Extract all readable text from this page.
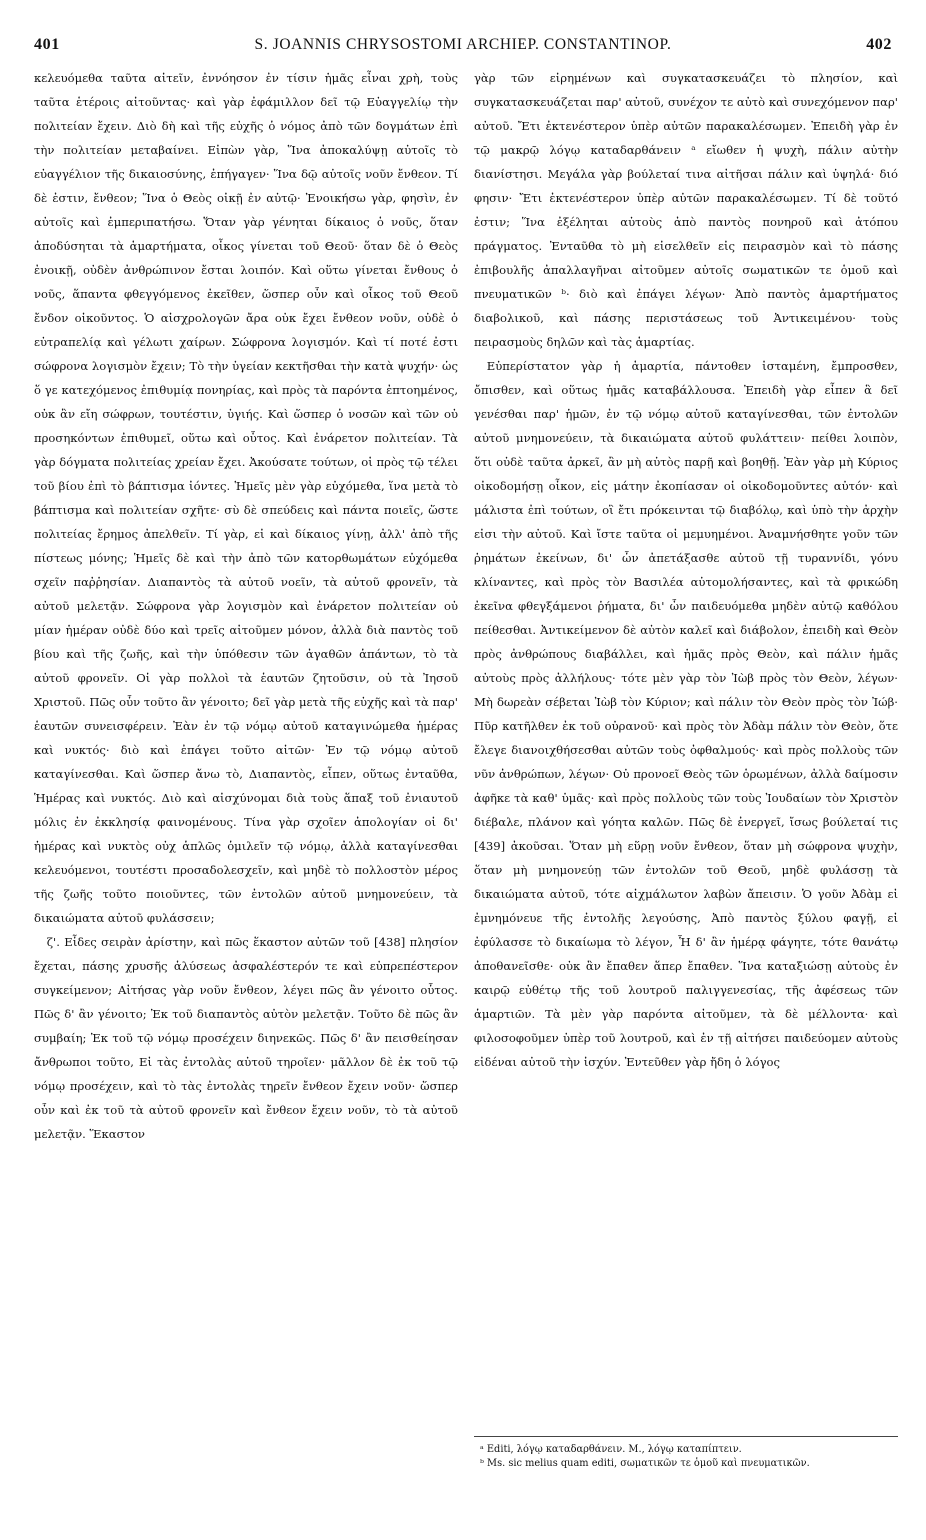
401	S. JOANNIS CHRYSOSTOMI ARCHIEP. CONSTANTINOP.	402

κελευόμεθα ταῦτα αἰτεῖν, ἐννόησον ἐν τίσιν ἡμᾶς εἶναι χρὴ, τοὺς ταῦτα ἑτέροις αἰτοῦντας· καὶ γὰρ ἐφάμιλλον δεῖ τῷ Εὐαγγελίῳ τὴν πολιτείαν ἔχειν. Διὸ δὴ καὶ τῆς εὐχῆς ὁ νόμος ἀπὸ τῶν δογμάτων ἐπὶ τὴν πολιτείαν μεταβαίνει. Εἰπὼν γὰρ, Ἵνα ἀποκαλύψῃ αὐτοῖς τὸ εὐαγγέλιον τῆς δικαιοσύνης, ἐπήγαγεν· Ἵνα δῷ αὐτοῖς νοῦν ἔνθεον. Τί δὲ ἐστιν, ἔνθεον; Ἵνα ὁ Θεὸς οἰκῇ ἐν αὐτῷ· Ἐνοικήσω γὰρ, φησὶν, ἐν αὐτοῖς καὶ ἐμπεριπατήσω. Ὅταν γὰρ γένηται δίκαιος ὁ νοῦς, ὅταν ἀποδύσηται τὰ ἁμαρτήματα, οἶκος γίνεται τοῦ Θεοῦ· ὅταν δὲ ὁ Θεὸς ἐνοικῇ, οὐδὲν ἀνθρώπινον ἔσται λοιπόν. Καὶ οὕτω γίνεται ἔνθους ὁ νοῦς, ἅπαντα φθεγγόμενος ἐκεῖθεν, ὥσπερ οὖν καὶ οἶκος τοῦ Θεοῦ ἔνδον οἰκοῦντος. Ὁ αἰσχρολογῶν ἄρα οὐκ ἔχει ἔνθεον νοῦν, οὐδὲ ὁ εὐτραπελίᾳ καὶ γέλωτι χαίρων. Σώφρονα λογισμόν. Καὶ τί ποτέ ἐστι σώφρονα λογισμὸν ἔχειν; Τὸ τὴν ὑγείαν κεκτῆσθαι τὴν κατὰ ψυχήν· ὡς ὅ γε κατεχόμενος ἐπιθυμίᾳ πονηρίας, καὶ πρὸς τὰ παρόντα ἐπτοημένος, οὐκ ἂν εἴη σώφρων, τουτέστιν, ὑγιής. Καὶ ὥσπερ ὁ νοσῶν καὶ τῶν οὐ προσηκόντων ἐπιθυμεῖ, οὕτω καὶ οὗτος. Καὶ ἐνάρετον πολιτείαν. Τὰ γὰρ δόγματα πολιτείας χρείαν ἔχει. Ἀκούσατε τούτων, οἱ πρὸς τῷ τέλει τοῦ βίου ἐπὶ τὸ βάπτισμα ἰόντες. Ἡμεῖς μὲν γὰρ εὐχόμεθα, ἵνα μετὰ τὸ βάπτισμα καὶ πολιτείαν σχῆτε· σὺ δὲ σπεύδεις καὶ πάντα ποιεῖς, ὥστε πολιτείας ἔρημος ἀπελθεῖν. Τί γὰρ, εἰ καὶ δίκαιος γίνῃ, ἀλλ' ἀπὸ τῆς πίστεως μόνης; Ἡμεῖς δὲ καὶ τὴν ἀπὸ τῶν κατορθωμάτων εὐχόμεθα σχεῖν παῤῥησίαν. Διαπαντὸς τὰ αὐτοῦ νοεῖν, τὰ αὐτοῦ φρονεῖν, τὰ αὐτοῦ μελετᾷν. Σώφρονα γὰρ λογισμὸν καὶ ἐνάρετον πολιτείαν οὐ μίαν ἡμέραν οὐδὲ δύο καὶ τρεῖς αἰτοῦμεν μόνον, ἀλλὰ διὰ παντὸς τοῦ βίου καὶ τῆς ζωῆς, καὶ τὴν ὑπόθεσιν τῶν ἀγαθῶν ἁπάντων, τὸ τὰ αὐτοῦ φρονεῖν. Οἱ γὰρ πολλοὶ τὰ ἑαυτῶν ζητοῦσιν, οὐ τὰ Ἰησοῦ Χριστοῦ. Πῶς οὖν τοῦτο ἂν γένοιτο; δεῖ γὰρ μετὰ τῆς εὐχῆς καὶ τὰ παρ' ἑαυτῶν συνεισφέρειν. Ἐὰν ἐν τῷ νόμῳ αὐτοῦ καταγινώμεθα ἡμέρας καὶ νυκτός· διὸ καὶ ἐπάγει τοῦτο αἰτῶν· Ἐν τῷ νόμῳ αὐτοῦ καταγίνεσθαι. Καὶ ὥσπερ ἄνω τὸ, Διαπαντὸς, εἶπεν, οὕτως ἐνταῦθα, Ἡμέρας καὶ νυκτός. Διὸ καὶ αἰσχύνομαι διὰ τοὺς ἅπαξ τοῦ ἐνιαυτοῦ μόλις ἐν ἐκκλησίᾳ φαινομένους. Τίνα γὰρ σχοῖεν ἀπολογίαν οἱ δι' ἡμέρας καὶ νυκτὸς οὐχ ἁπλῶς ὁμιλεῖν τῷ νόμῳ, ἀλλὰ καταγίνεσθαι κελευόμενοι, τουτέστι προσαδολεσχεῖν, καὶ μηδὲ τὸ πολλοστὸν μέρος τῆς ζωῆς τοῦτο ποιοῦντες, τῶν ἐντολῶν αὐτοῦ μνημονεύειν, τὰ δικαιώματα αὐτοῦ φυλάσσειν;

ζ'. Εἶδες σειρὰν ἀρίστην, καὶ πῶς ἕκαστον αὐτῶν τοῦ [438] πλησίον ἔχεται, πάσης χρυσῆς ἁλύσεως ἀσφαλέστερόν τε καὶ εὐπρεπέστερον συγκείμενον; Αἰτήσας γὰρ νοῦν ἔνθεον, λέγει πῶς ἂν γένοιτο οὗτος. Πῶς δ' ἂν γένοιτο; Ἐκ τοῦ διαπαντὸς αὐτὸν μελετᾷν. Τοῦτο δὲ πῶς ἂν συμβαίη; Ἐκ τοῦ τῷ νόμῳ προσέχειν διηνεκῶς. Πῶς δ' ἂν πεισθείησαν ἄνθρωποι τοῦτο, Εἰ τὰς ἐντολὰς αὐτοῦ τηροῖεν· μᾶλλον δὲ ἐκ τοῦ τῷ νόμῳ προσέχειν, καὶ τὸ τὰς ἐντολὰς τηρεῖν ἔνθεον ἔχειν νοῦν· ὥσπερ οὖν καὶ ἐκ τοῦ τὰ αὐτοῦ φρονεῖν καὶ ἔνθεον ἔχειν νοῦν, τὸ τὰ αὐτοῦ μελετᾷν. Ἕκαστον

γὰρ τῶν εἰρημένων καὶ συγκατασκευάζει τὸ πλησίον, καὶ συγκατασκευάζεται παρ' αὐτοῦ, συνέχον τε αὐτὸ καὶ συνεχόμενον παρ' αὐτοῦ. Ἔτι ἐκτενέστερον ὑπὲρ αὐτῶν παρακαλέσωμεν. Ἐπειδὴ γὰρ ἐν τῷ μακρῷ λόγῳ καταδαρθάνειν ᵃ εἴωθεν ἡ ψυχὴ, πάλιν αὐτὴν διανίστησι. Μεγάλα γὰρ βούλεταί τινα αἰτῆσαι πάλιν καὶ ὑψηλά· διό φησιν· Ἔτι ἐκτενέστερον ὑπὲρ αὐτῶν παρακαλέσωμεν. Τί δὲ τοῦτό ἐστιν; Ἵνα ἐξέληται αὐτοὺς ἀπὸ παντὸς πονηροῦ καὶ ἀτόπου πράγματος. Ἐνταῦθα τὸ μὴ εἰσελθεῖν εἰς πειρασμὸν καὶ τὸ πάσης ἐπιβουλῆς ἀπαλλαγῆναι αἰτοῦμεν αὐτοῖς σωματικῶν τε ὁμοῦ καὶ πνευματικῶν ᵇ· διὸ καὶ ἐπάγει λέγων· Ἀπὸ παντὸς ἁμαρτήματος διαβολικοῦ, καὶ πάσης περιστάσεως τοῦ Ἀντικειμένου· τοὺς πειρασμοὺς δηλῶν καὶ τὰς ἁμαρτίας.

Εὐπερίστατον γὰρ ἡ ἁμαρτία, πάντοθεν ἱσταμένη, ἔμπροσθεν, ὄπισθεν, καὶ οὕτως ἡμᾶς καταβάλλουσα. Ἐπειδὴ γὰρ εἶπεν ἃ δεῖ γενέσθαι παρ' ἡμῶν, ἐν τῷ νόμῳ αὐτοῦ καταγίνεσθαι, τῶν ἐντολῶν αὐτοῦ μνημονεύειν, τὰ δικαιώματα αὐτοῦ φυλάττειν· πείθει λοιπὸν, ὅτι οὐδὲ ταῦτα ἀρκεῖ, ἂν μὴ αὐτὸς παρῇ καὶ βοηθῇ. Ἐὰν γὰρ μὴ Κύριος οἰκοδομήσῃ οἶκον, εἰς μάτην ἐκοπίασαν οἱ οἰκοδομοῦντες αὐτόν· καὶ μάλιστα ἐπὶ τούτων, οἳ ἔτι πρόκεινται τῷ διαβόλῳ, καὶ ὑπὸ τὴν ἀρχὴν εἰσι τὴν αὐτοῦ. Καὶ ἴστε ταῦτα οἱ μεμυημένοι. Ἀναμνήσθητε γοῦν τῶν ῥημάτων ἐκείνων, δι' ὧν ἀπετάξασθε αὐτοῦ τῇ τυραννίδι, γόνυ κλίναντες, καὶ πρὸς τὸν Βασιλέα αὐτομολήσαντες, καὶ τὰ φρικώδη ἐκεῖνα φθεγξάμενοι ῥήματα, δι' ὧν παιδευόμεθα μηδὲν αὐτῷ καθόλου πείθεσθαι. Ἀντικείμενον δὲ αὐτὸν καλεῖ καὶ διάβολον, ἐπειδὴ καὶ Θεὸν πρὸς ἀνθρώπους διαβάλλει, καὶ ἡμᾶς πρὸς Θεὸν, καὶ πάλιν ἡμᾶς αὐτοὺς πρὸς ἀλλήλους· τότε μὲν γὰρ τὸν Ἰὼβ πρὸς τὸν Θεὸν, λέγων· Μὴ δωρεὰν σέβεται Ἰὼβ τὸν Κύριον; καὶ πάλιν τὸν Θεὸν πρὸς τὸν Ἰώβ· Πῦρ κατῆλθεν ἐκ τοῦ οὐρανοῦ· καὶ πρὸς τὸν Ἀδὰμ πάλιν τὸν Θεὸν, ὅτε ἔλεγε διανοιχθήσεσθαι αὐτῶν τοὺς ὀφθαλμούς· καὶ πρὸς πολλοὺς τῶν νῦν ἀνθρώπων, λέγων· Οὐ προνοεῖ Θεὸς τῶν ὁρωμένων, ἀλλὰ δαίμοσιν ἀφῆκε τὰ καθ' ὑμᾶς· καὶ πρὸς πολλοὺς τῶν τοὺς Ἰουδαίων τὸν Χριστὸν διέβαλε, πλάνον καὶ γόητα καλῶν. Πῶς δὲ ἐνεργεῖ, ἴσως βούλεταί τις [439] ἀκοῦσαι. Ὅταν μὴ εὕρῃ νοῦν ἔνθεον, ὅταν μὴ σώφρονα ψυχὴν, ὅταν μὴ μνημονεύῃ τῶν ἐντολῶν τοῦ Θεοῦ, μηδὲ φυλάσσῃ τὰ δικαιώματα αὐτοῦ, τότε αἰχμάλωτον λαβὼν ἄπεισιν. Ὁ γοῦν Ἀδὰμ εἰ ἐμνημόνευε τῆς ἐντολῆς λεγούσης, Ἀπὸ παντὸς ξύλου φαγῇ, εἰ ἐφύλασσε τὸ δικαίωμα τὸ λέγον, Ἧ δ' ἂν ἡμέρᾳ φάγητε, τότε θανάτῳ ἀποθανεῖσθε· οὐκ ἂν ἔπαθεν ἅπερ ἔπαθεν. Ἵνα καταξιώσῃ αὐτοὺς ἐν καιρῷ εὐθέτῳ τῆς τοῦ λουτροῦ παλιγγενεσίας, τῆς ἀφέσεως τῶν ἁμαρτιῶν. Τὰ μὲν γὰρ παρόντα αἰτοῦμεν, τὰ δὲ μέλλοντα· καὶ φιλοσοφοῦμεν ὑπὲρ τοῦ λουτροῦ, καὶ ἐν τῇ αἰτήσει παιδεύομεν αὐτοὺς εἰδέναι αὐτοῦ τὴν ἰσχύν. Ἐντεῦθεν γὰρ ἤδη ὁ λόγος

ᵃ Editi, λόγῳ καταδαρθάνειν. M., λόγῳ καταπίπτειν.

ᵇ Ms. sic melius quam editi, σωματικῶν τε ὁμοῦ καὶ πνευματικῶν.
